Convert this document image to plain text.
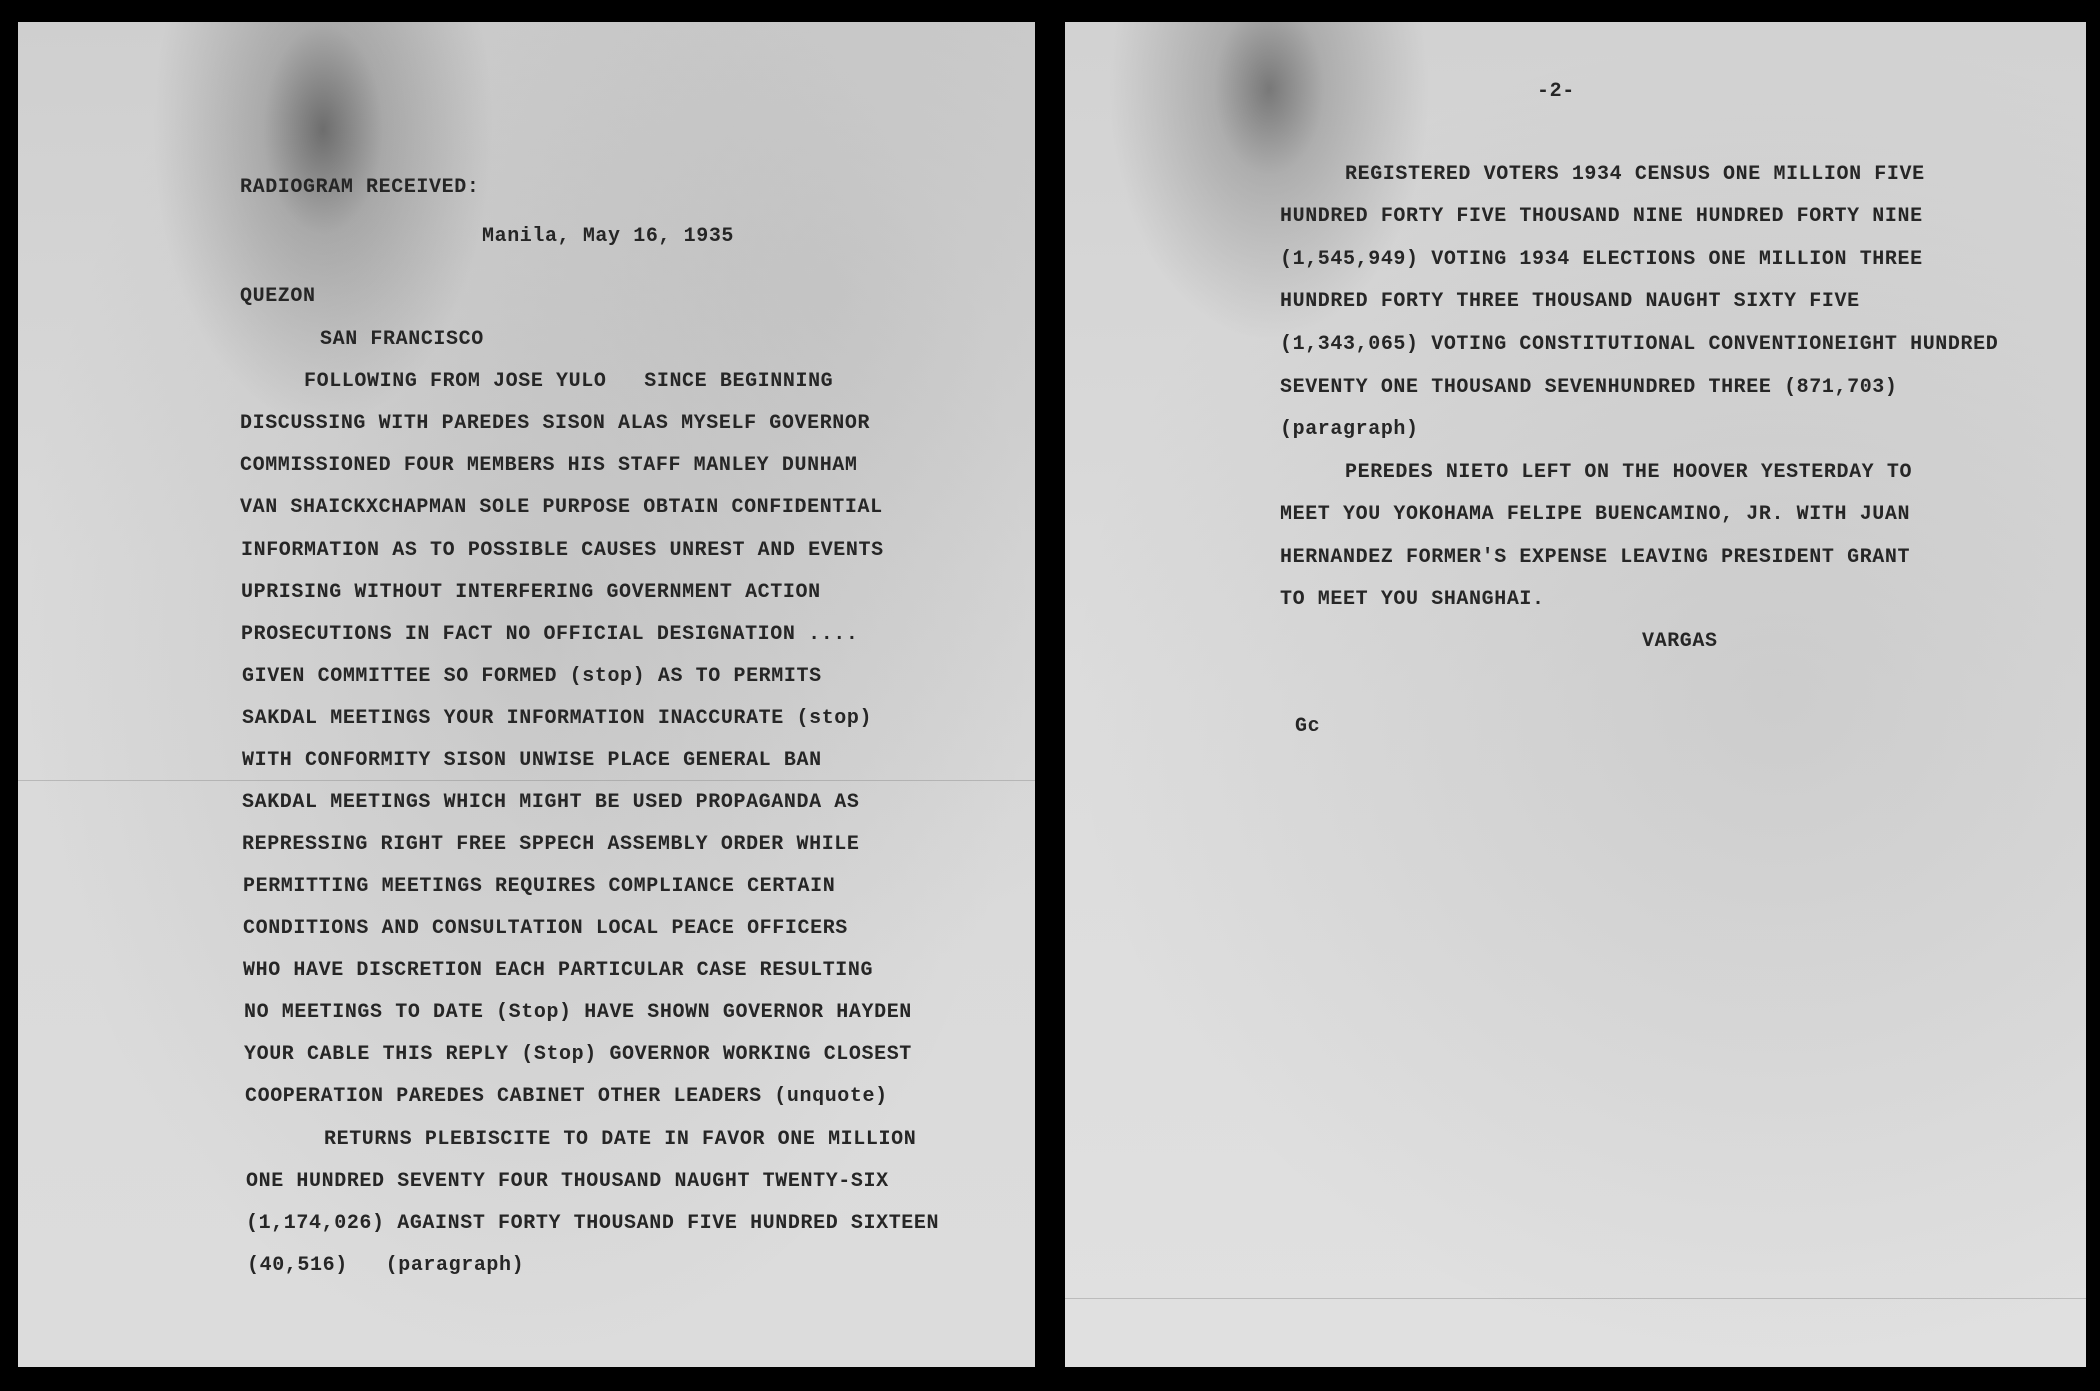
RADIOGRAM RECEIVED:
Manila, May 16, 1935
QUEZON
SAN FRANCISCO
FOLLOWING FROM JOSE YULO   SINCE BEGINNING
DISCUSSING WITH PAREDES SISON ALAS MYSELF GOVERNOR
COMMISSIONED FOUR MEMBERS HIS STAFF MANLEY DUNHAM
VAN SHAICKXCHAPMAN SOLE PURPOSE OBTAIN CONFIDENTIAL
INFORMATION AS TO POSSIBLE CAUSES UNREST AND EVENTS
UPRISING WITHOUT INTERFERING GOVERNMENT ACTION
PROSECUTIONS IN FACT NO OFFICIAL DESIGNATION ....
GIVEN COMMITTEE SO FORMED (stop) AS TO PERMITS
SAKDAL MEETINGS YOUR INFORMATION INACCURATE (stop)
WITH CONFORMITY SISON UNWISE PLACE GENERAL BAN
SAKDAL MEETINGS WHICH MIGHT BE USED PROPAGANDA AS
REPRESSING RIGHT FREE SPPECH ASSEMBLY ORDER WHILE
PERMITTING MEETINGS REQUIRES COMPLIANCE CERTAIN
CONDITIONS AND CONSULTATION LOCAL PEACE OFFICERS
WHO HAVE DISCRETION EACH PARTICULAR CASE RESULTING
NO MEETINGS TO DATE (Stop) HAVE SHOWN GOVERNOR HAYDEN
YOUR CABLE THIS REPLY (Stop) GOVERNOR WORKING CLOSEST
COOPERATION PAREDES CABINET OTHER LEADERS (unquote)
RETURNS PLEBISCITE TO DATE IN FAVOR ONE MILLION
ONE HUNDRED SEVENTY FOUR THOUSAND NAUGHT TWENTY-SIX
(1,174,026) AGAINST FORTY THOUSAND FIVE HUNDRED SIXTEEN
(40,516)   (paragraph)
-2-
REGISTERED VOTERS 1934 CENSUS ONE MILLION FIVE
HUNDRED FORTY FIVE THOUSAND NINE HUNDRED FORTY NINE
(1,545,949) VOTING 1934 ELECTIONS ONE MILLION THREE
HUNDRED FORTY THREE THOUSAND NAUGHT SIXTY FIVE
(1,343,065) VOTING CONSTITUTIONAL CONVENTIONEIGHT HUNDRED
SEVENTY ONE THOUSAND SEVENHUNDRED THREE (871,703)
(paragraph)
PEREDES NIETO LEFT ON THE HOOVER YESTERDAY TO
MEET YOU YOKOHAMA FELIPE BUENCAMINO, JR. WITH JUAN
HERNANDEZ FORMER'S EXPENSE LEAVING PRESIDENT GRANT
TO MEET YOU SHANGHAI.
VARGAS
Gc
